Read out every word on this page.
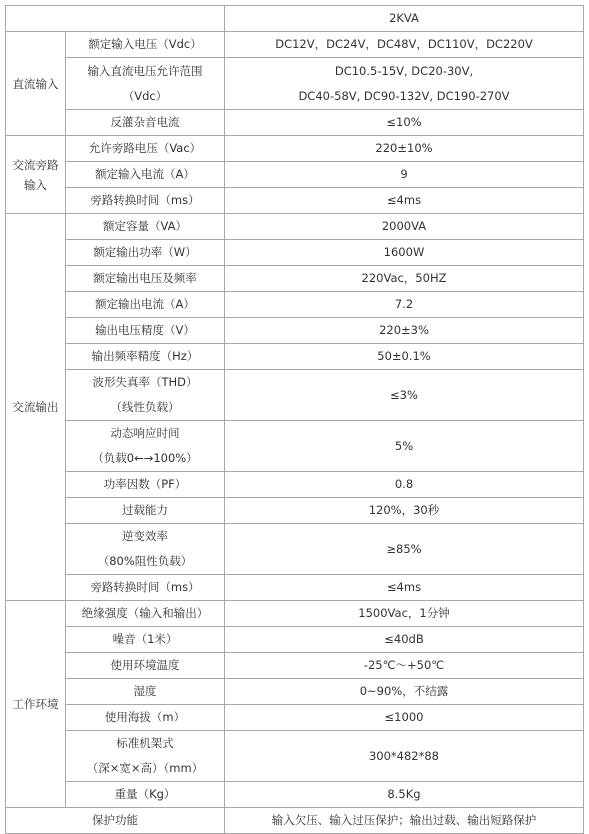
		2KVA
直流输入	额定输入电压（Vdc）	DC12V，DC24V，DC48V，DC110V，DC220V

	输入直流电压允许范围
（Vdc）	DC10.5-15V, DC20-30V,
DC40-58V, DC90-132V, DC190-270V

	反灌杂音电流	≤10%

交流旁路
输入	允许旁路电压（Vac）	220±10%
	额定输入电流（A）	9
	旁路转换时间（ms）	≤4ms
交流输出	额定容量（VA）	2000VA
	额定输出功率（W）	1600W
	额定输出电压及频率	220Vac，50HZ
	额定输出电流（A）	7.2
	输出电压精度（V）	220±3%
	输出频率精度（Hz）	50±0.1%

	波形失真率（THD）
（线性负载）	≤3%

	动态响应时间
（负载0←→100%）	5%
	功率因数（PF）	0.8
	过载能力	120%，30秒

	逆变效率
（80%阻性负载）	≥85%
	旁路转换时间（ms）	≤4ms
工作环境	绝缘强度（输入和输出）	1500Vac，1分钟
	噪音（1米）	≤40dB
	使用环境温度	-25℃～+50℃
	湿度	0~90%，不结露
	使用海拔（m）	≤1000

	标准机架式
（深×宽×高）（mm）	300*482*88
	重量（Kg）	8.5Kg
保护功能		输入欠压、输入过压保护；输出过载、输出短路保护
